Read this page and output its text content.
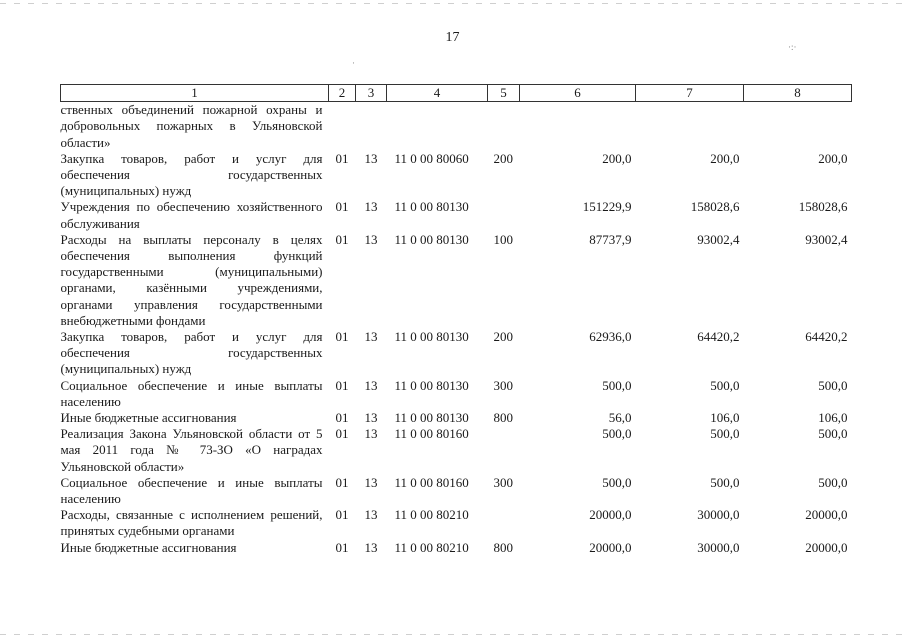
·:·
·
17
1	2	3	4	5	6	7	8
ственных объединений пожарной охраны и добровольных пожарных в Ульяновской области»							
Закупка товаров, работ и услуг для обеспечения государственных (муниципальных) нужд	01	13	11 0 00 80060	200	200,0	200,0	200,0
Учреждения по обеспечению хозяйственного обслуживания	01	13	11 0 00 80130		151229,9	158028,6	158028,6
Расходы на выплаты персоналу в целях обеспечения выполнения функций государственными (муниципальными) органами, казёнными учреждениями, органами управления государственными внебюджетными фондами	01	13	11 0 00 80130	100	87737,9	93002,4	93002,4
Закупка товаров, работ и услуг для обеспечения государственных (муниципальных) нужд	01	13	11 0 00 80130	200	62936,0	64420,2	64420,2
Социальное обеспечение и иные выплаты населению	01	13	11 0 00 80130	300	500,0	500,0	500,0
Иные бюджетные ассигнования	01	13	11 0 00 80130	800	56,0	106,0	106,0
Реализация Закона Ульяновской области от 5 мая 2011 года № 73-ЗО «О наградах Ульяновской области»	01	13	11 0 00 80160		500,0	500,0	500,0
Социальное обеспечение и иные выплаты населению	01	13	11 0 00 80160	300	500,0	500,0	500,0
Расходы, связанные с исполнением решений, принятых судебными органами	01	13	11 0 00 80210		20000,0	30000,0	20000,0
Иные бюджетные ассигнования	01	13	11 0 00 80210	800	20000,0	30000,0	20000,0
